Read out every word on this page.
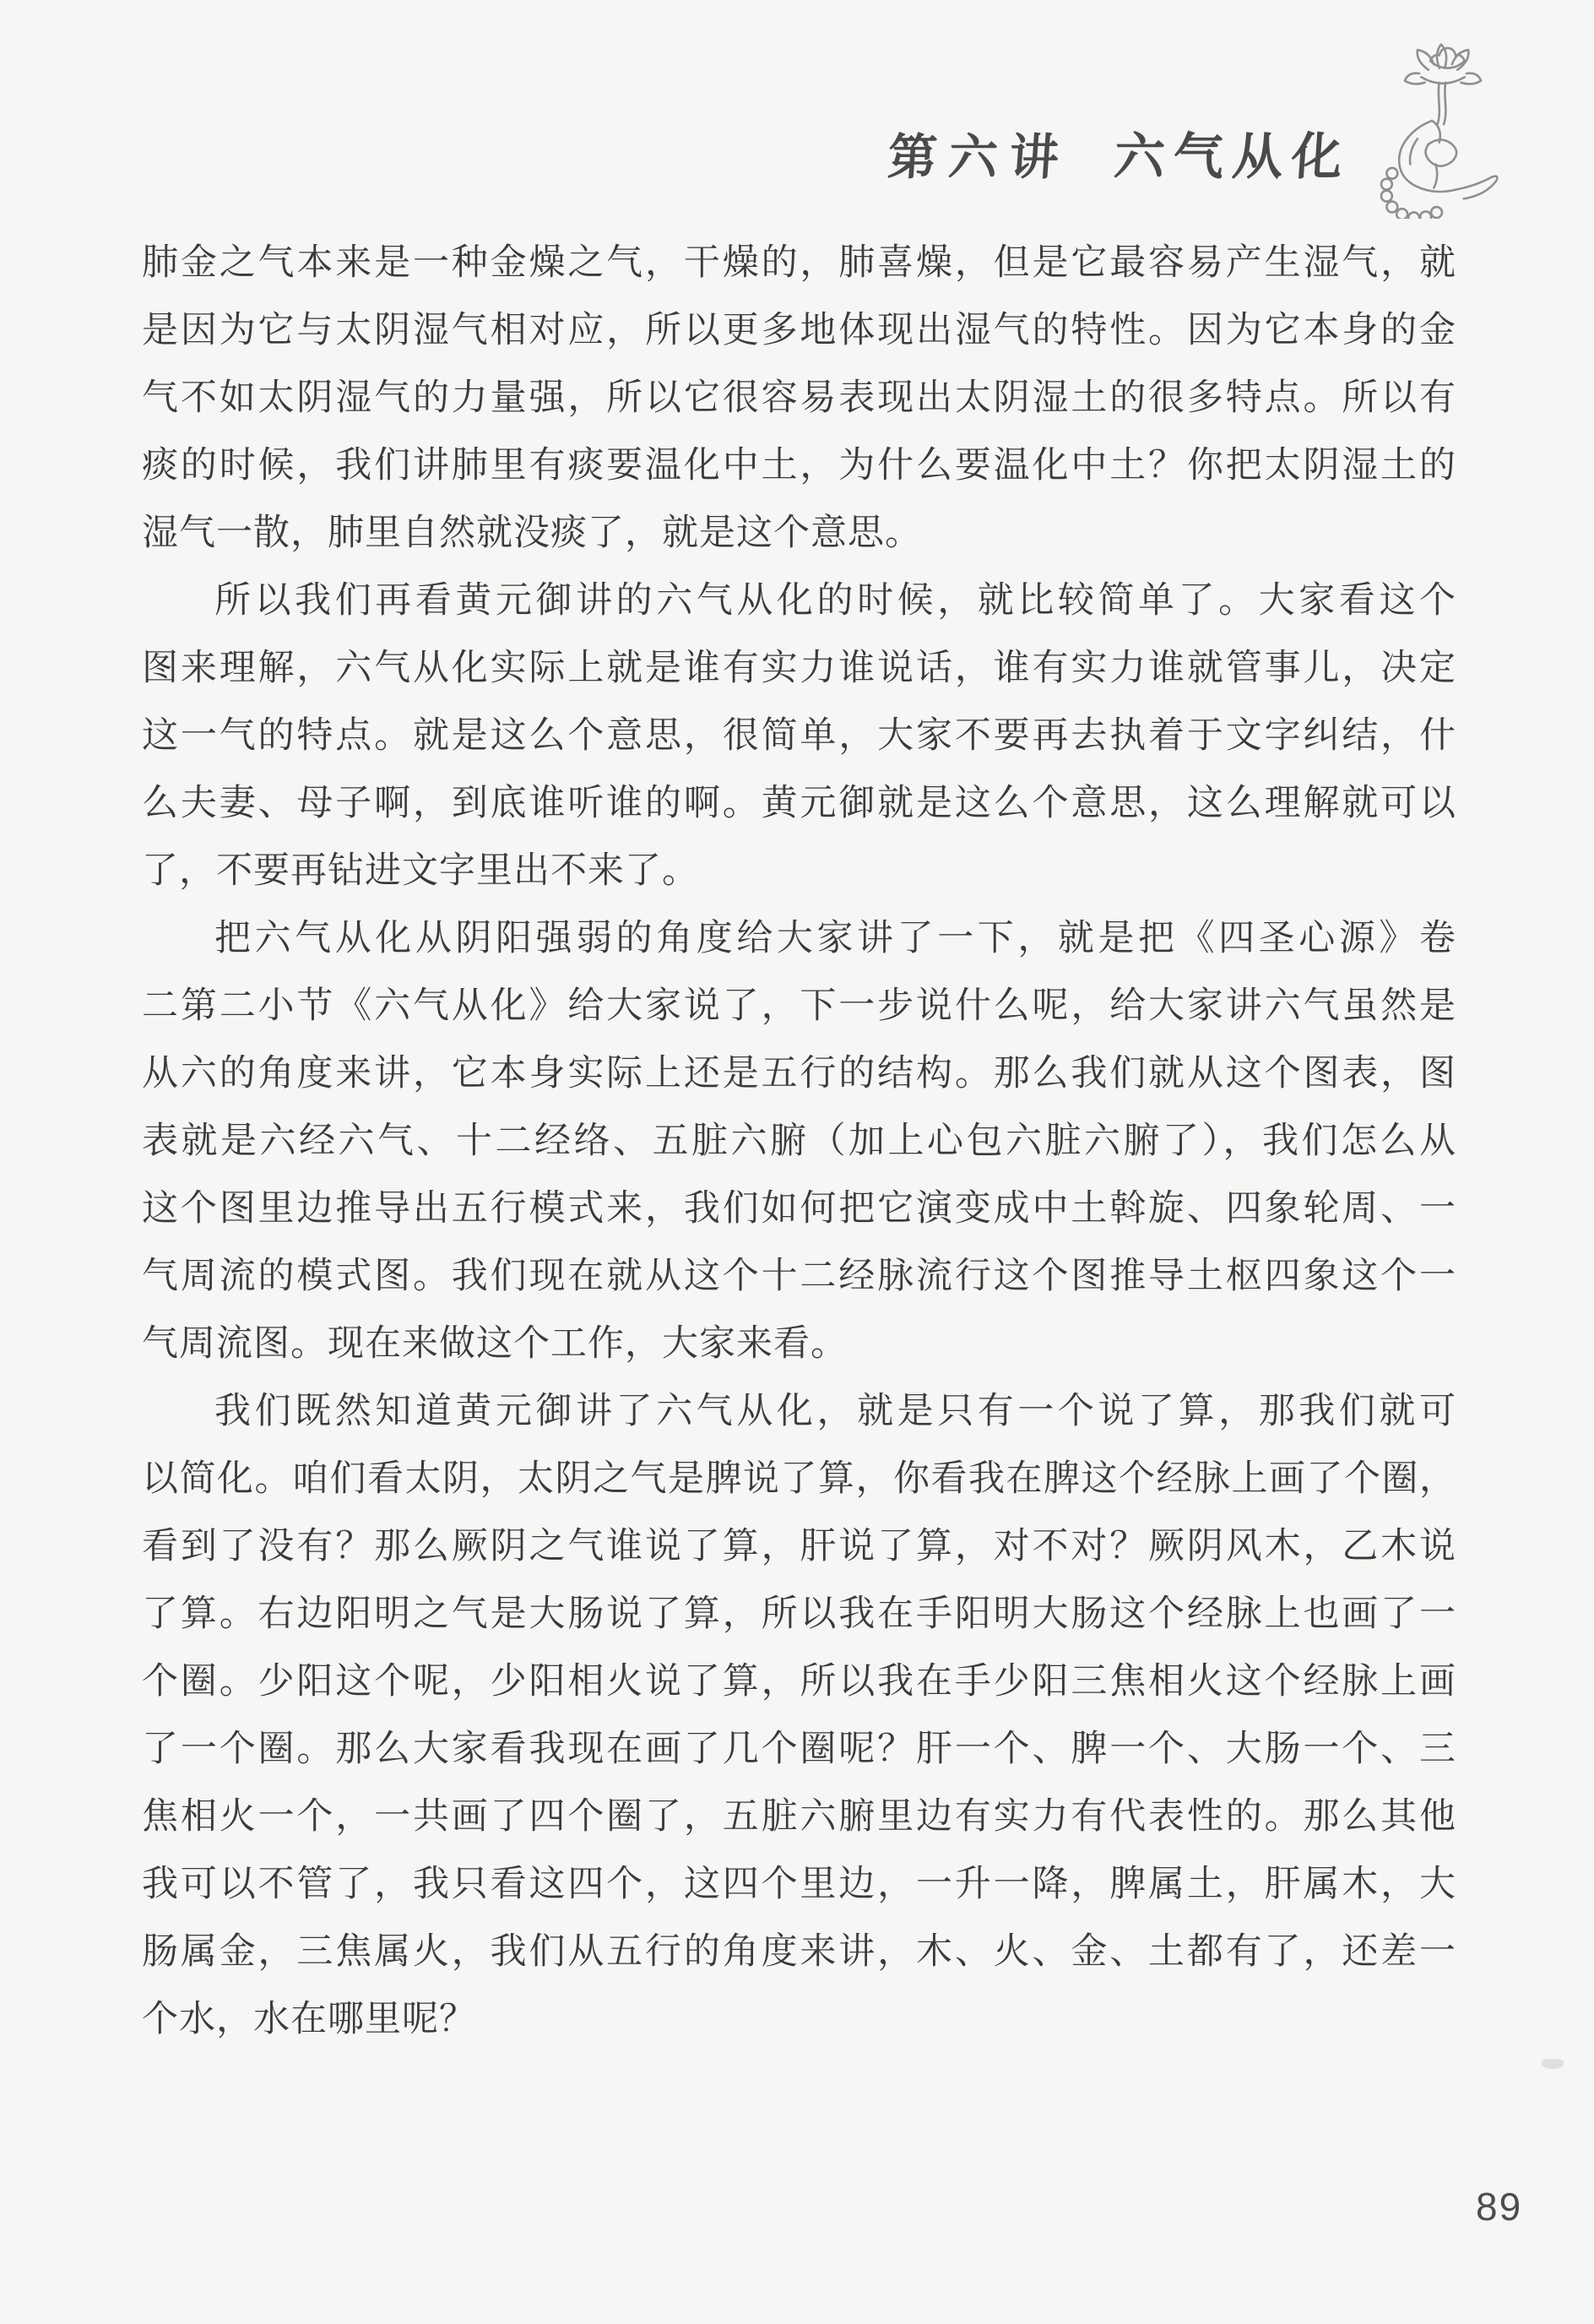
第六讲 六气从化
肺金之气本来是一种金燥之气，干燥的，肺喜燥，但是它最容易产生湿气，就
是因为它与太阴湿气相对应，所以更多地体现出湿气的特性。因为它本身的金
气不如太阴湿气的力量强，所以它很容易表现出太阴湿土的很多特点。所以有
痰的时候，我们讲肺里有痰要温化中土，为什么要温化中土？你把太阴湿土的
湿气一散，肺里自然就没痰了，就是这个意思。
所以我们再看黄元御讲的六气从化的时候，就比较简单了。大家看这个
图来理解，六气从化实际上就是谁有实力谁说话，谁有实力谁就管事儿，决定
这一气的特点。就是这么个意思，很简单，大家不要再去执着于文字纠结，什
么夫妻、母子啊，到底谁听谁的啊。黄元御就是这么个意思，这么理解就可以
了，不要再钻进文字里出不来了。
把六气从化从阴阳强弱的角度给大家讲了一下，就是把《四圣心源》卷
二第二小节《六气从化》给大家说了，下一步说什么呢，给大家讲六气虽然是
从六的角度来讲，它本身实际上还是五行的结构。那么我们就从这个图表，图
表就是六经六气、十二经络、五脏六腑（加上心包六脏六腑了），我们怎么从
这个图里边推导出五行模式来，我们如何把它演变成中土斡旋、四象轮周、一
气周流的模式图。我们现在就从这个十二经脉流行这个图推导土枢四象这个一
气周流图。现在来做这个工作，大家来看。
我们既然知道黄元御讲了六气从化，就是只有一个说了算，那我们就可
以简化。咱们看太阴，太阴之气是脾说了算，你看我在脾这个经脉上画了个圈，
看到了没有？那么厥阴之气谁说了算，肝说了算，对不对？厥阴风木，乙木说
了算。右边阳明之气是大肠说了算，所以我在手阳明大肠这个经脉上也画了一
个圈。少阳这个呢，少阳相火说了算，所以我在手少阳三焦相火这个经脉上画
了一个圈。那么大家看我现在画了几个圈呢？肝一个、脾一个、大肠一个、三
焦相火一个，一共画了四个圈了，五脏六腑里边有实力有代表性的。那么其他
我可以不管了，我只看这四个，这四个里边，一升一降，脾属土，肝属木，大
肠属金，三焦属火，我们从五行的角度来讲，木、火、金、土都有了，还差一
个水，水在哪里呢？
89
